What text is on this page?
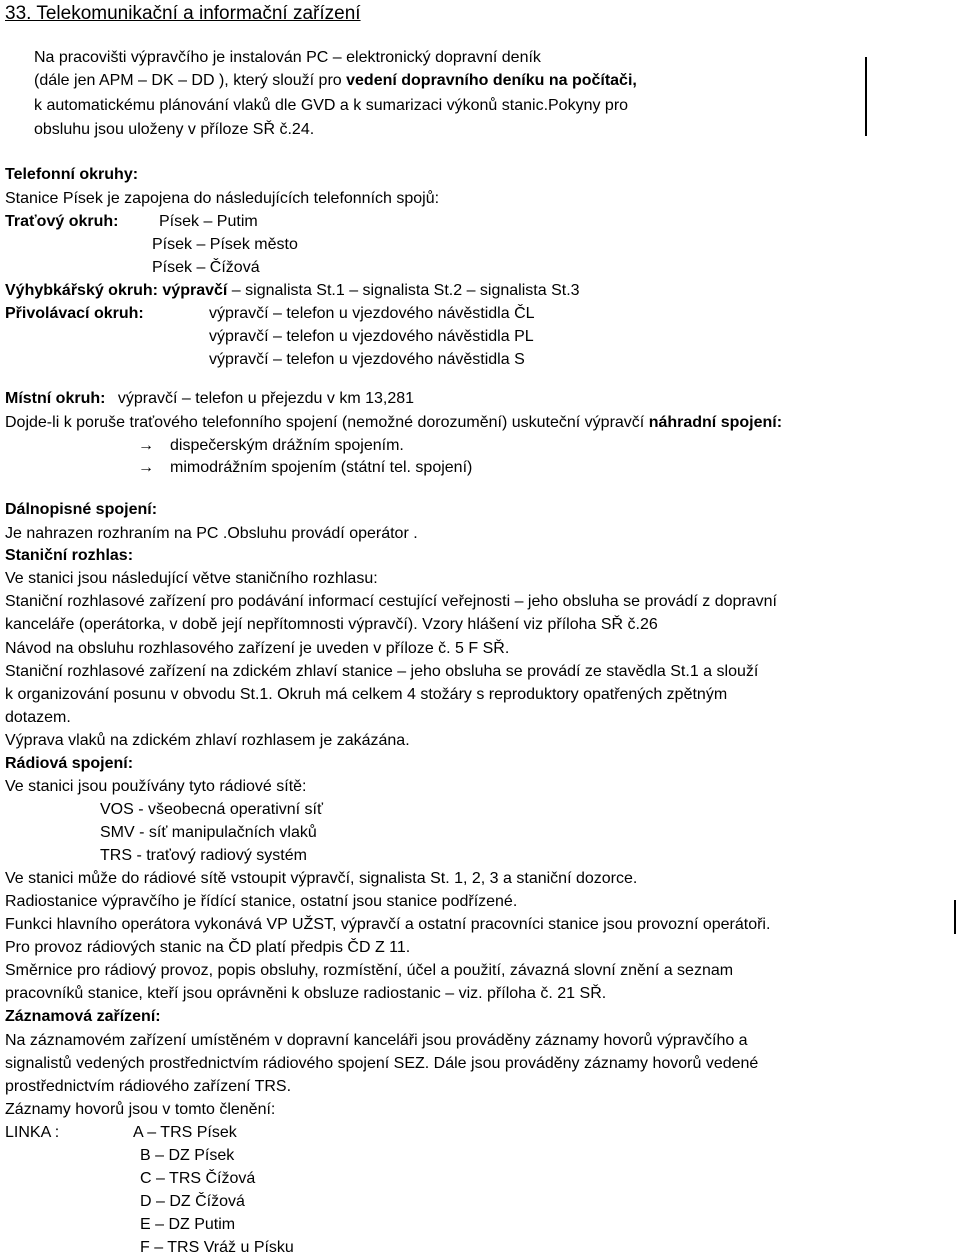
33. Telekomunikační a informační zařízení
Na pracovišti výpravčího je instalován PC – elektronický dopravní deník
(dále jen APM – DK – DD ), který slouží pro vedení dopravního deníku na počítači,
k automatickému plánování vlaků dle GVD a k sumarizaci výkonů stanic.Pokyny pro
obsluhu jsou uloženy v příloze SŘ č.24.
Telefonní okruhy:
Stanice Písek je zapojena do následujících telefonních spojů:
Traťový okruh:	Písek – Putim
Písek – Písek město
Písek – Čížová
Výhybkářský okruh: výpravčí – signalista St.1 – signalista St.2 – signalista St.3
Přivolávací okruh:	výpravčí – telefon u vjezdového návěstidla ČL
výpravčí – telefon u vjezdového návěstidla PL
výpravčí – telefon u vjezdového návěstidla S
Místní okruh: výpravčí – telefon u přejezdu v km 13,281
Dojde-li k poruše traťového telefonního spojení (nemožné dorozumění) uskuteční výpravčí náhradní spojení:
→ dispečerským drážním spojením.
→ mimodrážním spojením (státní tel. spojení)
Dálnopisné spojení:
Je nahrazen rozhraním na PC .Obsluhu provádí operátor .
Staniční rozhlas:
Ve stanici jsou následující větve staničního rozhlasu:
Staniční rozhlasové zařízení pro podávání informací cestující veřejnosti – jeho obsluha se provádí z dopravní
kanceláře (operátorka, v době její nepřítomnosti výpravčí). Vzory hlášení viz příloha SŘ č.26
Návod na obsluhu rozhlasového zařízení je uveden v příloze č. 5 F SŘ.
Staniční rozhlasové zařízení na zdickém zhlaví stanice – jeho obsluha se provádí ze stavědla St.1 a slouží
k organizování posunu v obvodu St.1. Okruh má celkem 4 stožáry s reproduktory opatřených zpětným
dotazem.
Výprava vlaků na zdickém zhlaví rozhlasem je zakázána.
Rádiová spojení:
Ve stanici jsou používány tyto rádiové sítě:
VOS - všeobecná operativní síť
SMV - síť manipulačních vlaků
TRS - traťový radiový systém
Ve stanici může do rádiové sítě vstoupit výpravčí, signalista St. 1, 2, 3 a staniční dozorce.
Radiostanice výpravčího je řídící stanice, ostatní jsou stanice podřízené.
Funkci hlavního operátora vykonává VP UŽST, výpravčí a ostatní pracovníci stanice jsou provozní operátoři.
Pro provoz rádiových stanic na ČD platí předpis ČD Z 11.
Směrnice pro rádiový provoz, popis obsluhy, rozmístění, účel a použití, závazná slovní znění a seznam
pracovníků stanice, kteří jsou oprávněni k obsluze radiostanic – viz. příloha č. 21 SŘ.
Záznamová zařízení:
Na záznamovém zařízení umístěném v dopravní kanceláři jsou prováděny záznamy hovorů výpravčího a
signalistů vedených prostřednictvím rádiového spojení SEZ. Dále jsou prováděny záznamy hovorů vedené
prostřednictvím rádiového zařízení TRS.
Záznamy hovorů jsou v tomto členění:
LINKA :	A – TRS Písek
B – DZ Písek
C – TRS Čížová
D – DZ Čížová
E – DZ Putim
F – TRS Vráž u Písku
